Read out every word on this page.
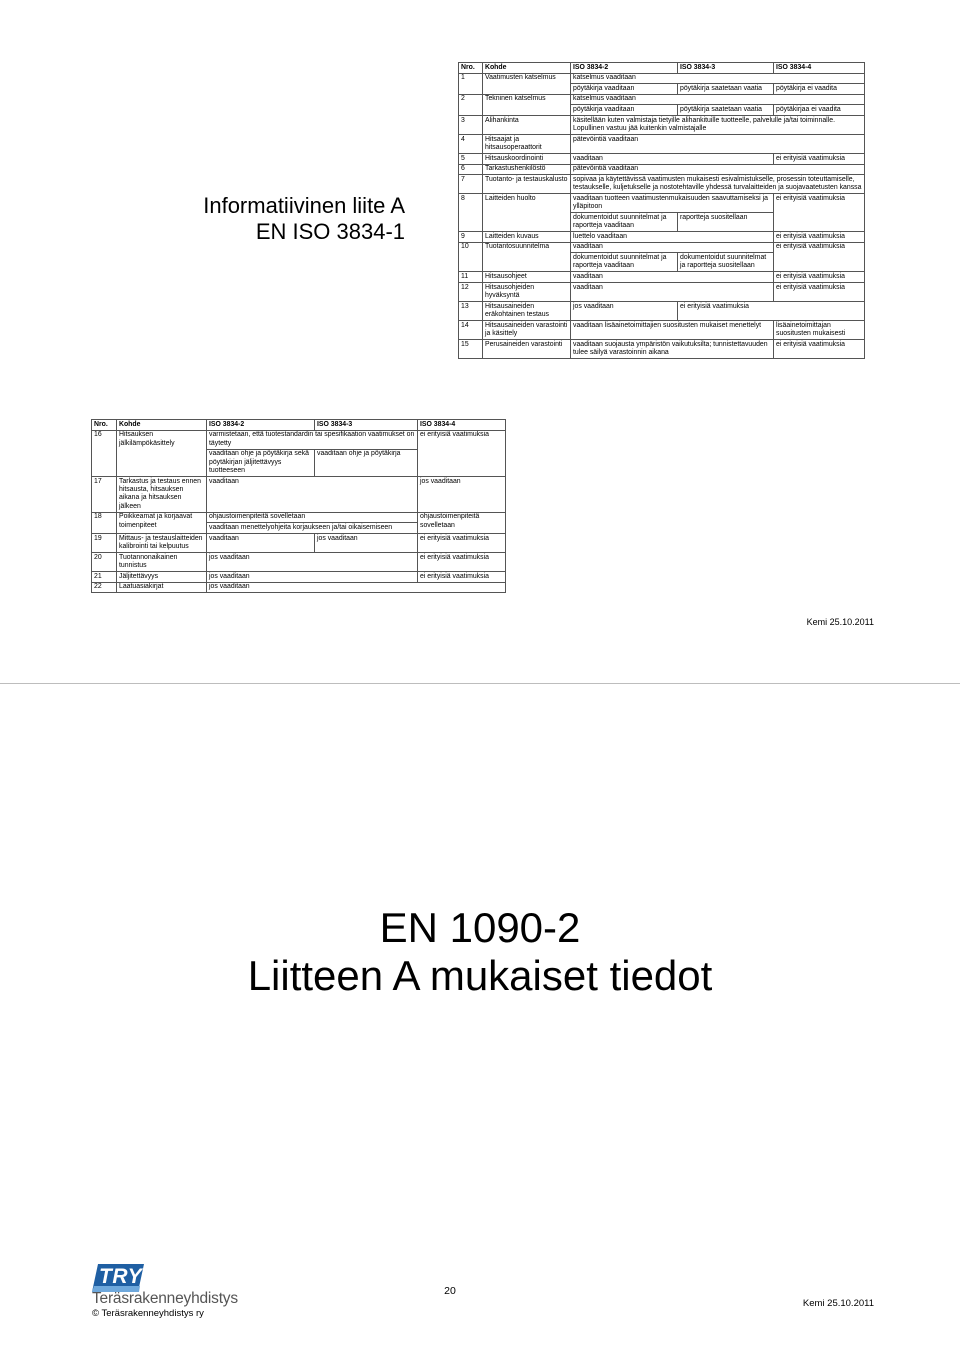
Informatiivinen liite A
EN ISO 3834-1
Nro.	Kohde	ISO 3834-2	ISO 3834-3	ISO 3834-4
1	Vaatimusten katselmus	katselmus vaaditaan		
		pöytäkirja vaaditaan	pöytäkirja saatetaan vaatia	pöytäkirja ei vaadita
2	Tekninen katselmus	katselmus vaaditaan		
		pöytäkirja vaaditaan	pöytäkirja saatetaan vaatia	pöytäkirjaa ei vaadita
3	Alihankinta	käsitellään kuten valmistaja tietyille alihankituille tuotteelle, palvelulle ja/tai toiminnalle. Lopullinen vastuu jää kuitenkin valmistajalle		
4	Hitsaajat ja hitsausoperaattorit	pätevöintiä vaaditaan		
5	Hitsauskoordinointi	vaaditaan		ei erityisiä vaatimuksia
6	Tarkastushenkilöstö	pätevöintiä vaaditaan		
7	Tuotanto- ja testauskalusto	sopivaa ja käytettävissä vaatimusten mukaisesti esivalmistukselle, prosessin toteuttamiselle, testaukselle, kuljetukselle ja nostotehtaville yhdessä turvalaitteiden ja suojavaatetusten kanssa		
8	Laitteiden huolto	vaaditaan tuotteen vaatimustenmukaisuuden saavuttamiseksi ja ylläpitoon		ei erityisiä vaatimuksia
		dokumentoidut suunnitelmat ja raportteja vaaditaan	raportteja suositellaan	
9	Laitteiden kuvaus	luettelo vaaditaan		ei erityisiä vaatimuksia
10	Tuotantosuunnitelma	vaaditaan		ei erityisiä vaatimuksia
		dokumentoidut suunnitelmat ja raportteja vaaditaan	dokumentoidut suunnitelmat ja raportteja suositellaan	
11	Hitsausohjeet	vaaditaan		ei erityisiä vaatimuksia
12	Hitsausohjeiden hyväksyntä	vaaditaan		ei erityisiä vaatimuksia
13	Hitsausaineiden eräkohtainen testaus	jos vaaditaan	ei erityisiä vaatimuksia	
14	Hitsausaineiden varastointi ja käsittely	vaaditaan lisäainetoimittajien suositusten mukaiset menettelyt		lisäainetoimittajan suositusten mukaisesti
15	Perusaineiden varastointi	vaaditaan suojausta ympäristön vaikutuksilta; tunnistettavuuden tulee säilyä varastoinnin aikana		ei erityisiä vaatimuksia
Nro.	Kohde	ISO 3834-2	ISO 3834-3	ISO 3834-4
16	Hitsauksen jälkilämpökäsittely	varmistetaan, että tuotestandardin tai spesifikaation vaatimukset on täytetty		ei erityisiä vaatimuksia
		vaaditaan ohje ja pöytäkirja sekä pöytäkirjan jäljitettävyys tuotteeseen	vaaditaan ohje ja pöytäkirja	
17	Tarkastus ja testaus ennen hitsausta, hitsauksen aikana ja hitsauksen jälkeen	vaaditaan		jos vaaditaan
18	Poikkeamat ja korjaavat toimenpiteet	ohjaustoimenpiteitä sovelletaan		ohjaustoimenpiteitä sovelletaan
		vaaditaan menettelyohjeita korjaukseen ja/tai oikaisemiseen		
19	Mittaus- ja testauslaitteiden kalibrointi tai kelpuutus	vaaditaan	jos vaaditaan	ei erityisiä vaatimuksia
20	Tuotannonaikainen tunnistus	jos vaaditaan		ei erityisiä vaatimuksia
21	Jäljitettävyys	jos vaaditaan		ei erityisiä vaatimuksia
22	Laatuasiakirjat	jos vaaditaan		
Kemi 25.10.2011
EN 1090-2
Liitteen A mukaiset tiedot
TRY
Teräsrakenneyhdistys
© Teräsrakenneyhdistys ry
20
Kemi 25.10.2011
